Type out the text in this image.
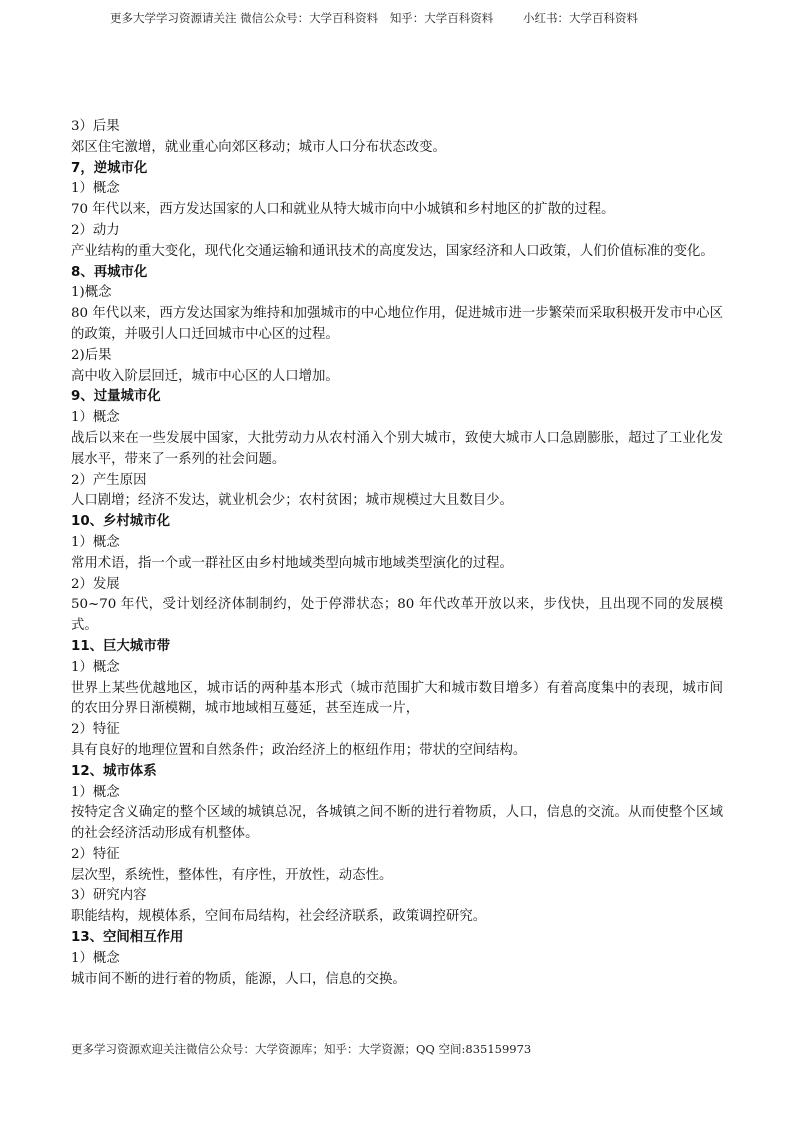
更多大学学习资源请关注 微信公众号：大学百科资料 知乎：大学百科资料	小红书：大学百科资料
3）后果
郊区住宅激增，就业重心向郊区移动；城市人口分布状态改变。
7，逆城市化
1）概念
70 年代以来，西方发达国家的人口和就业从特大城市向中小城镇和乡村地区的扩散的过程。
2）动力
产业结构的重大变化，现代化交通运输和通讯技术的高度发达，国家经济和人口政策，人们价值标准的变化。
8、再城市化
1)概念
80 年代以来，西方发达国家为维持和加强城市的中心地位作用，促进城市进一步繁荣而采取积极开发市中心区的政策，并吸引人口迁回城市中心区的过程。
2)后果
高中收入阶层回迁，城市中心区的人口增加。
9、过量城市化
1）概念
战后以来在一些发展中国家，大批劳动力从农村涌入个别大城市，致使大城市人口急剧膨胀，超过了工业化发展水平，带来了一系列的社会问题。
2）产生原因
人口剧增；经济不发达，就业机会少；农村贫困；城市规模过大且数目少。
10、乡村城市化
1）概念
常用术语，指一个或一群社区由乡村地域类型向城市地域类型演化的过程。
2）发展
50~70 年代，受计划经济体制制约，处于停滞状态；80 年代改革开放以来，步伐快，且出现不同的发展模式。
11、巨大城市带
1）概念
世界上某些优越地区，城市话的两种基本形式（城市范围扩大和城市数目增多）有着高度集中的表现，城市间的农田分界日渐模糊，城市地域相互蔓延，甚至连成一片，
2）特征
具有良好的地理位置和自然条件；政治经济上的枢纽作用；带状的空间结构。
12、城市体系
1）概念
按特定含义确定的整个区域的城镇总况，各城镇之间不断的进行着物质，人口，信息的交流。从而使整个区域的社会经济活动形成有机整体。
2）特征
层次型，系统性，整体性，有序性，开放性，动态性。
3）研究内容
职能结构，规模体系，空间布局结构，社会经济联系，政策调控研究。
13、空间相互作用
1）概念
城市间不断的进行着的物质，能源，人口，信息的交换。
更多学习资源欢迎关注微信公众号：大学资源库；知乎：大学资源；QQ 空间:835159973
